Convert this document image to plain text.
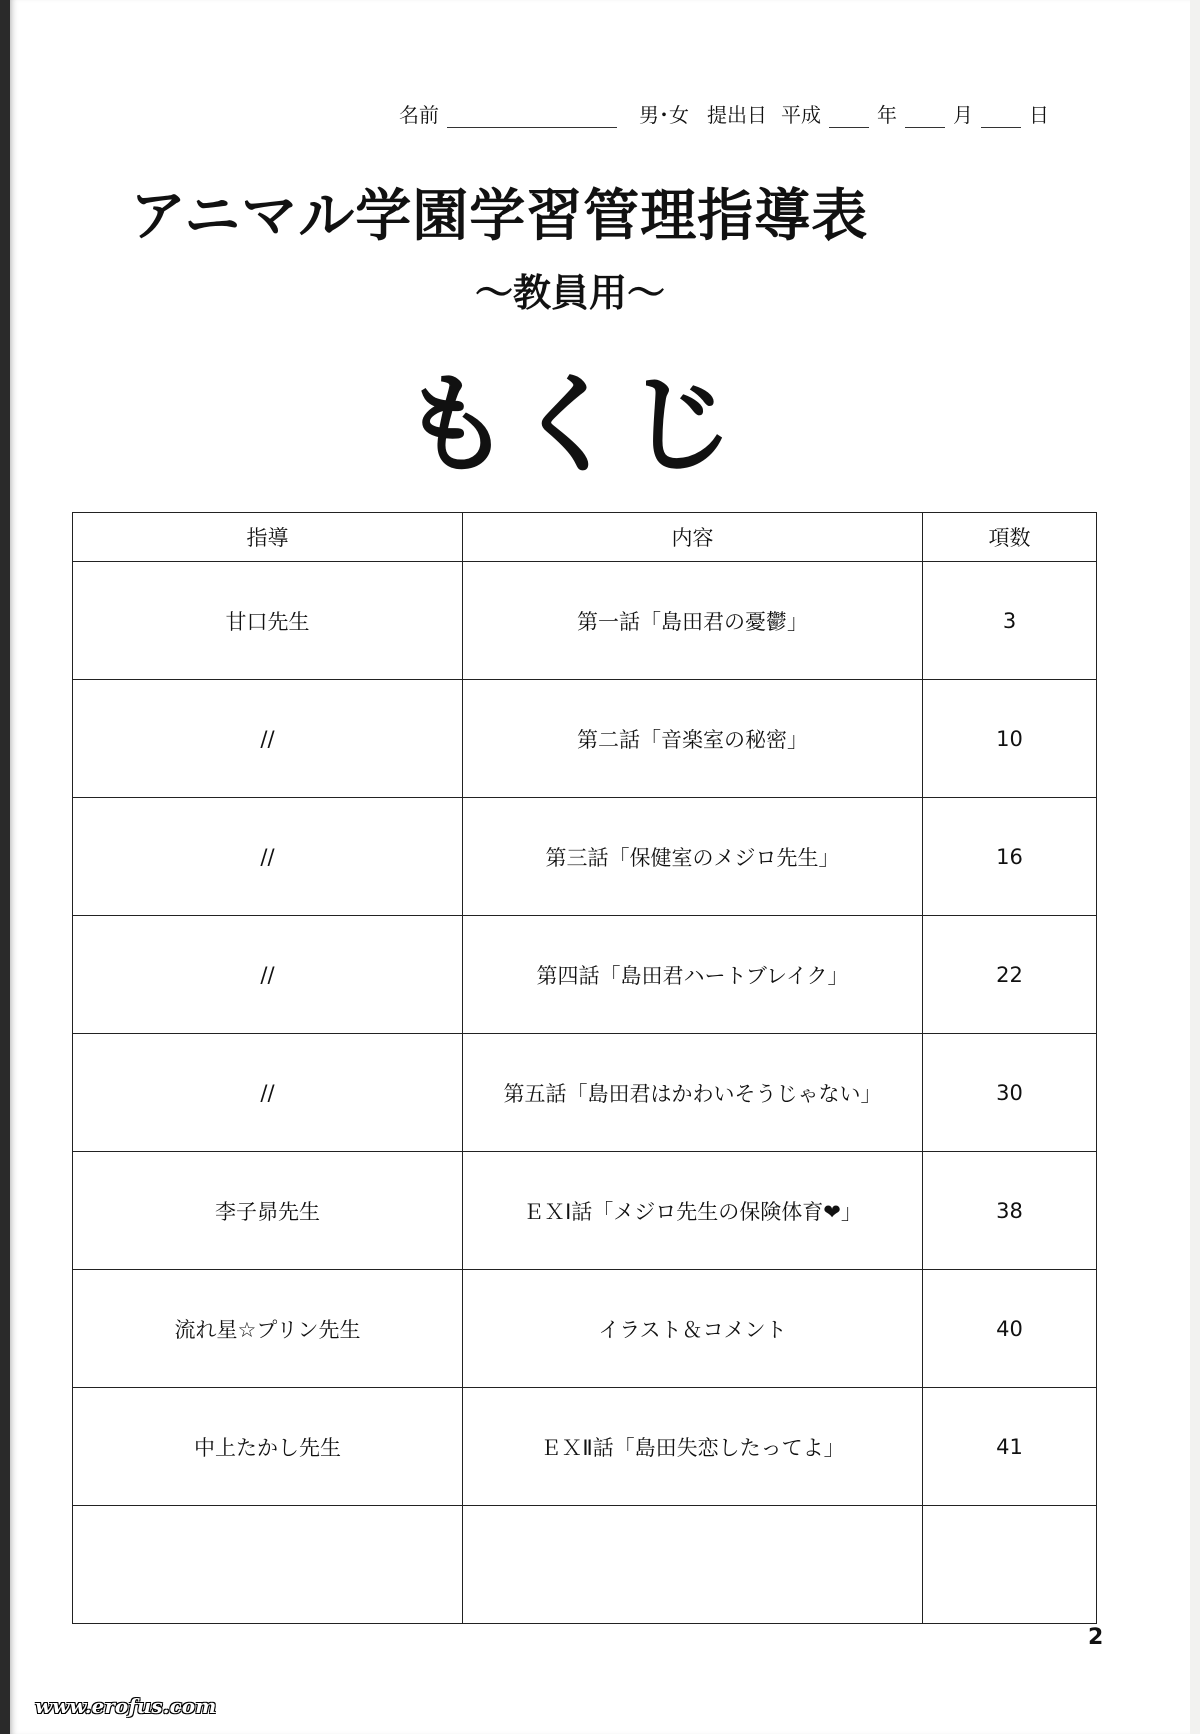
名前	男･女 提出日 平成	年	月	日
アニマル学園学習管理指導表
〜教員用〜
もくじ
指導	内容	項数
甘口先生	第一話「島田君の憂鬱」	3
//	第二話「音楽室の秘密」	10
//	第三話「保健室のメジロ先生」	16
//	第四話「島田君ハートブレイク」	22
//	第五話「島田君はかわいそうじゃない」	30
李子昴先生	ＥＸⅠ話「メジロ先生の保険体育❤」	38
流れ星☆プリン先生	イラスト＆コメント	40
中上たかし先生	ＥＸⅡ話「島田失恋したってよ」	41

2
www.erofus.com
